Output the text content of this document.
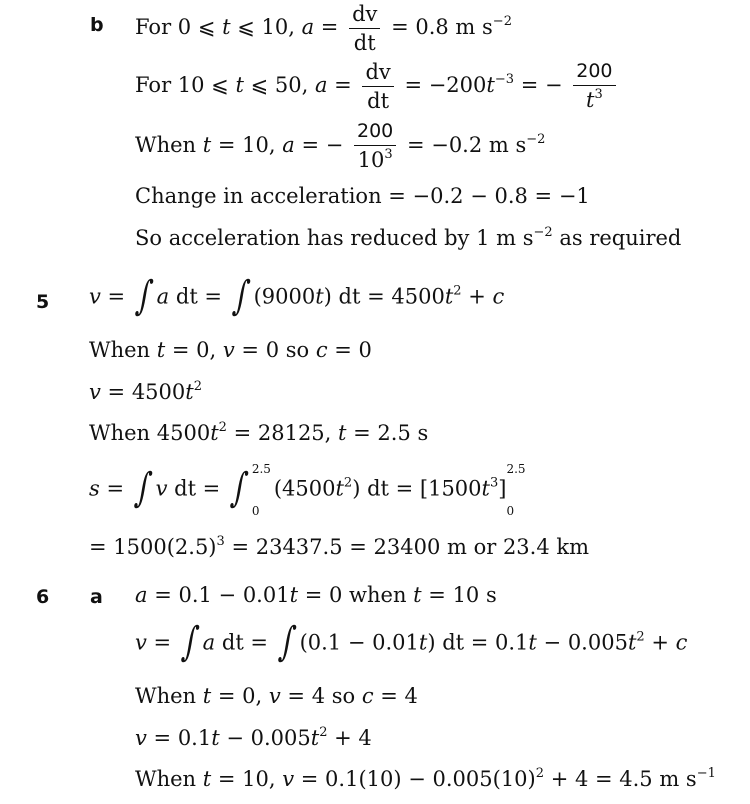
b For 0 ⩽ t ⩽ 10, $a = \frac{dv}{dt} = 0.8$ m $s^{-2}$
For 10 ⩽ t ⩽ 50, $a = \frac{dv}{dt} = -200t^{-3}$ = − $\frac{200}{t^3}$
When t = 10, a = − $\frac{200}{10^3} = -0.2$ m $s^{-2}$
Change in acceleration = −0.2 − 0.8 = −1
So acceleration has reduced by 1 m $s^{-2}$ as required
5 v = ∫a dt = ∫(9000t) dt = $4500t^2 + c$
When t = 0, v = 0 so c = 0
$v = 4500t^2$
When $4500t^2 = 28125$, t = 2.5 s
s = ∫v dt = ∫ 2.5
0
$(4500t^2)$ dt = $[1500t^3]$
2.5
0
= $1500(2.5)^3 = 23437.5 = 23400$ m or 23.4 km
6 a a = 0.1 − 0.01t = 0 when t = 10 s
v = ∫a dt = ∫(0.1 − 0.01t) dt = $0.1t - 0.005t^2 + c$
When t = 0, v = 4 so c = 4
$v = 0.1t - 0.005t^2 + 4$
When t = 10, $v = 0.1(10) - 0.005(10)^2 + 4 = 4.5$ m $s^{-1}$
